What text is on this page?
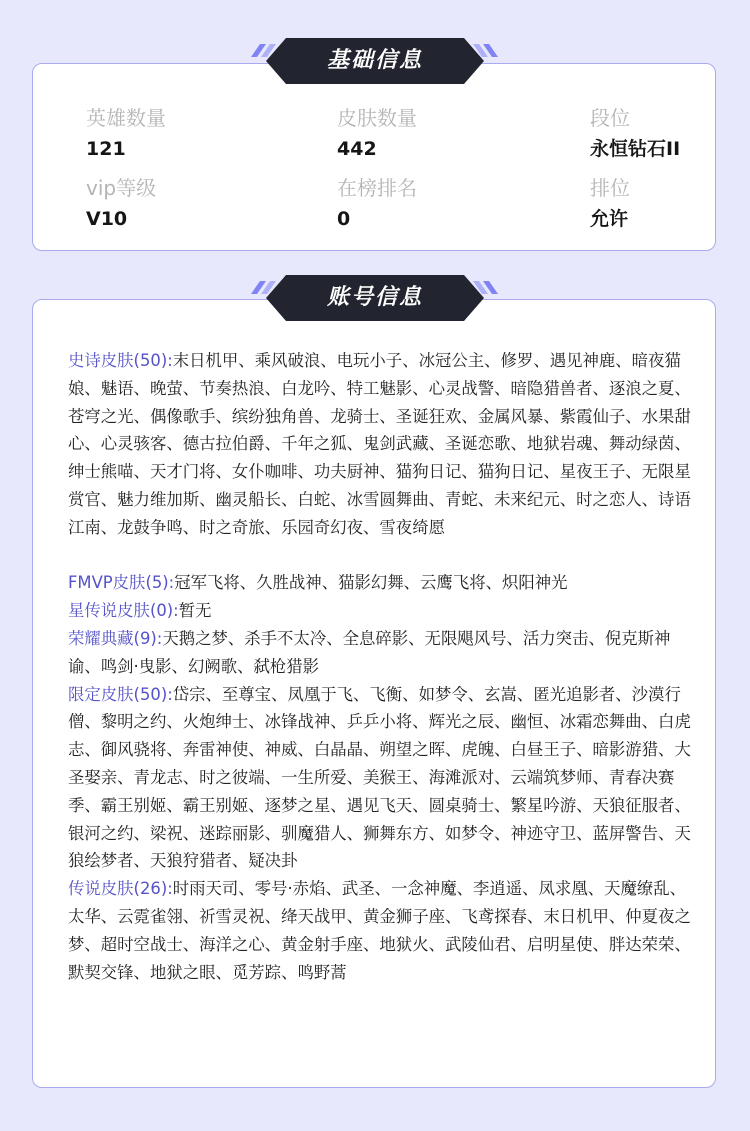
基础信息
英雄数量
121
皮肤数量
442
段位
永恒钻石II
vip等级
V10
在榜排名
0
排位
允许
账号信息

史诗皮肤(50):末日机甲、乘风破浪、电玩小子、冰冠公主、修罗、遇见神鹿、暗夜猫娘、魅语、晚萤、节奏热浪、白龙吟、特工魅影、心灵战警、暗隐猎兽者、逐浪之夏、苍穹之光、偶像歌手、缤纷独角兽、龙骑士、圣诞狂欢、金属风暴、紫霞仙子、水果甜心、心灵骇客、德古拉伯爵、千年之狐、鬼剑武藏、圣诞恋歌、地狱岩魂、舞动绿茵、绅士熊喵、天才门将、女仆咖啡、功夫厨神、猫狗日记、猫狗日记、星夜王子、无限星赏官、魅力维加斯、幽灵船长、白蛇、冰雪圆舞曲、青蛇、未来纪元、时之恋人、诗语江南、龙鼓争鸣、时之奇旅、乐园奇幻夜、雪夜绮愿

FMVP皮肤(5):冠军飞将、久胜战神、猫影幻舞、云鹰飞将、炽阳神光

星传说皮肤(0):暂无

荣耀典藏(9):天鹅之梦、杀手不太冷、全息碎影、无限飓风号、活力突击、倪克斯神谕、鸣剑·曳影、幻阙歌、弑枪猎影

限定皮肤(50):岱宗、至尊宝、凤凰于飞、飞衡、如梦令、玄嵩、匿光追影者、沙漠行僧、黎明之约、火炮绅士、冰锋战神、乒乒小将、辉光之辰、幽恒、冰霜恋舞曲、白虎志、御风骁将、奔雷神使、神威、白晶晶、朔望之晖、虎魄、白昼王子、暗影游猎、大圣娶亲、青龙志、时之彼端、一生所爱、美猴王、海滩派对、云端筑梦师、青春决赛季、霸王别姬、霸王别姬、逐梦之星、遇见飞天、圆桌骑士、繁星吟游、天狼征服者、银河之约、梁祝、迷踪丽影、驯魔猎人、狮舞东方、如梦令、神迹守卫、蓝屏警告、天狼绘梦者、天狼狩猎者、疑决卦

传说皮肤(26):时雨天司、零号·赤焰、武圣、一念神魔、李逍遥、凤求凰、天魔缭乱、太华、云霓雀翎、祈雪灵祝、绛天战甲、黄金狮子座、飞鸢探春、末日机甲、仲夏夜之梦、超时空战士、海洋之心、黄金射手座、地狱火、武陵仙君、启明星使、胖达荣荣、默契交锋、地狱之眼、觅芳踪、鸣野蒿
